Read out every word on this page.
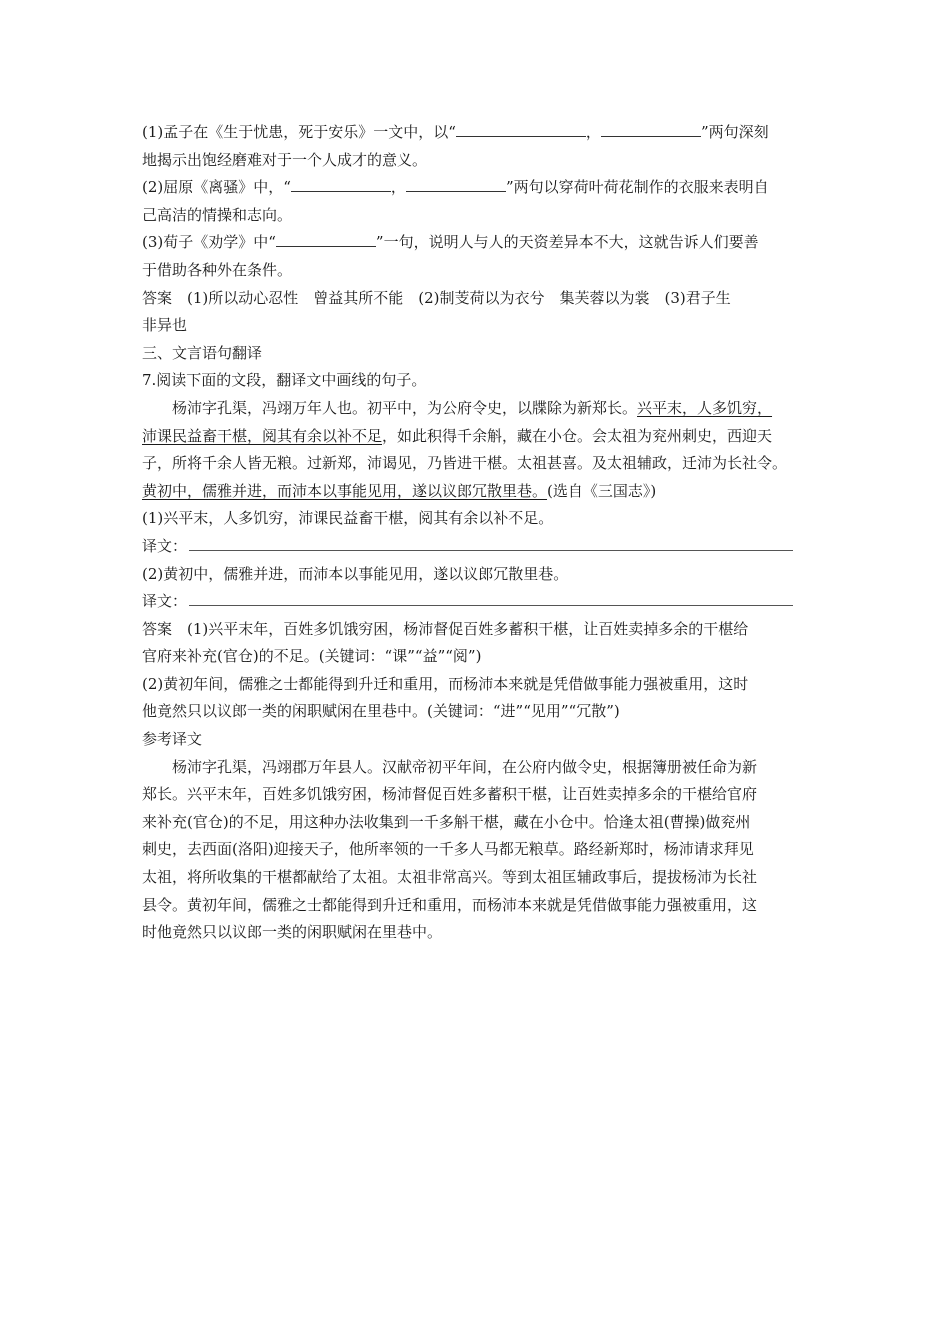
(1)孟子在《生于忧患，死于安乐》一文中，以“	，	”两句深刻
地揭示出饱经磨难对于一个人成才的意义。
(2)屈原《离骚》中，“	，	”两句以穿荷叶荷花制作的衣服来表明自
己高洁的情操和志向。
(3)荀子《劝学》中“	”一句，说明人与人的天资差异本不大，这就告诉人们要善
于借助各种外在条件。
答案　(1)所以动心忍性　曾益其所不能　(2)制芰荷以为衣兮　集芙蓉以为裳　(3)君子生
非异也
三、文言语句翻译
7.阅读下面的文段，翻译文中画线的句子。
杨沛字孔渠，冯翊万年人也。初平中，为公府令史，以牒除为新郑长。兴平末，人多饥穷，
沛课民益畜干椹，阅其有余以补不足，如此积得千余斛，藏在小仓。会太祖为兖州刺史，西迎天
子，所将千余人皆无粮。过新郑，沛谒见，乃皆进干椹。太祖甚喜。及太祖辅政，迁沛为长社令。
黄初中，儒雅并进，而沛本以事能见用，遂以议郎冗散里巷。(选自《三国志》)
(1)兴平末，人多饥穷，沛课民益畜干椹，阅其有余以补不足。
译文：
(2)黄初中，儒雅并进，而沛本以事能见用，遂以议郎冗散里巷。
译文：
答案　(1)兴平末年，百姓多饥饿穷困，杨沛督促百姓多蓄积干椹，让百姓卖掉多余的干椹给
官府来补充(官仓)的不足。(关键词：“课”“益”“阅”)
(2)黄初年间，儒雅之士都能得到升迁和重用，而杨沛本来就是凭借做事能力强被重用，这时
他竟然只以议郎一类的闲职赋闲在里巷中。(关键词：“进”“见用”“冗散”)
参考译文
杨沛字孔渠，冯翊郡万年县人。汉献帝初平年间，在公府内做令史，根据簿册被任命为新
郑长。兴平末年，百姓多饥饿穷困，杨沛督促百姓多蓄积干椹，让百姓卖掉多余的干椹给官府
来补充(官仓)的不足，用这种办法收集到一千多斛干椹，藏在小仓中。恰逢太祖(曹操)做兖州
刺史，去西面(洛阳)迎接天子，他所率领的一千多人马都无粮草。路经新郑时，杨沛请求拜见
太祖，将所收集的干椹都献给了太祖。太祖非常高兴。等到太祖匡辅政事后，提拔杨沛为长社
县令。黄初年间，儒雅之士都能得到升迁和重用，而杨沛本来就是凭借做事能力强被重用，这
时他竟然只以议郎一类的闲职赋闲在里巷中。
